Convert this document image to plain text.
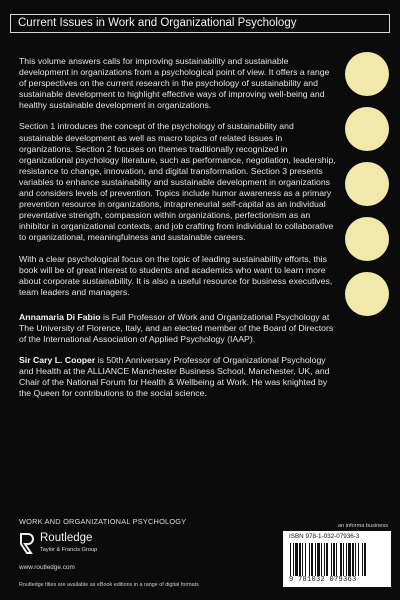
Current Issues in Work and Organizational Psychology

This volume answers calls for improving sustainability and sustainable development in organizations from a psychological point of view. It offers a range of perspectives on the current research in the psychology of sustainability and sustainable development to highlight effective ways of improving well-being and healthy sustainable development in organizations.

Section 1 introduces the concept of the psychology of sustainability and sustainable development as well as macro topics of related issues in organizations. Section 2 focuses on themes traditionally recognized in organizational psychology literature, such as performance, negotiation, leadership, resistance to change, innovation, and digital transformation. Section 3 presents variables to enhance sustainability and sustainable development in organizations and considers levels of prevention. Topics include humor awareness as a primary prevention resource in organizations, intrapreneurial self-capital as an individual preventative strength, compassion within organizations, perfectionism as an inhibitor in organizational contexts, and job crafting from individual to collaborative to organizational, meaningfulness and sustainable careers.

With a clear psychological focus on the topic of leading sustainability efforts, this book will be of great interest to students and academics who want to learn more about corporate sustainability. It is also a useful resource for business executives, team leaders and managers.

Annamaria Di Fabio is Full Professor of Work and Organizational Psychology at The University of Florence, Italy, and an elected member of the Board of Directors of the International Association of Applied Psychology (IAAP).

Sir Cary L. Cooper is 50th Anniversary Professor of Organizational Psychology and Health at the ALLIANCE Manchester Business School, Manchester, UK, and Chair of the National Forum for Health & Wellbeing at Work. He was knighted by the Queen for contributions to the social science.

WORK AND ORGANIZATIONAL PSYCHOLOGY	an informa business
Routledge
Taylor & Francis Group
www.routledge.com
Routledge titles are available as eBook editions in a range of digital formats
ISBN 978-1-032-07936-3
9 781032 079363
